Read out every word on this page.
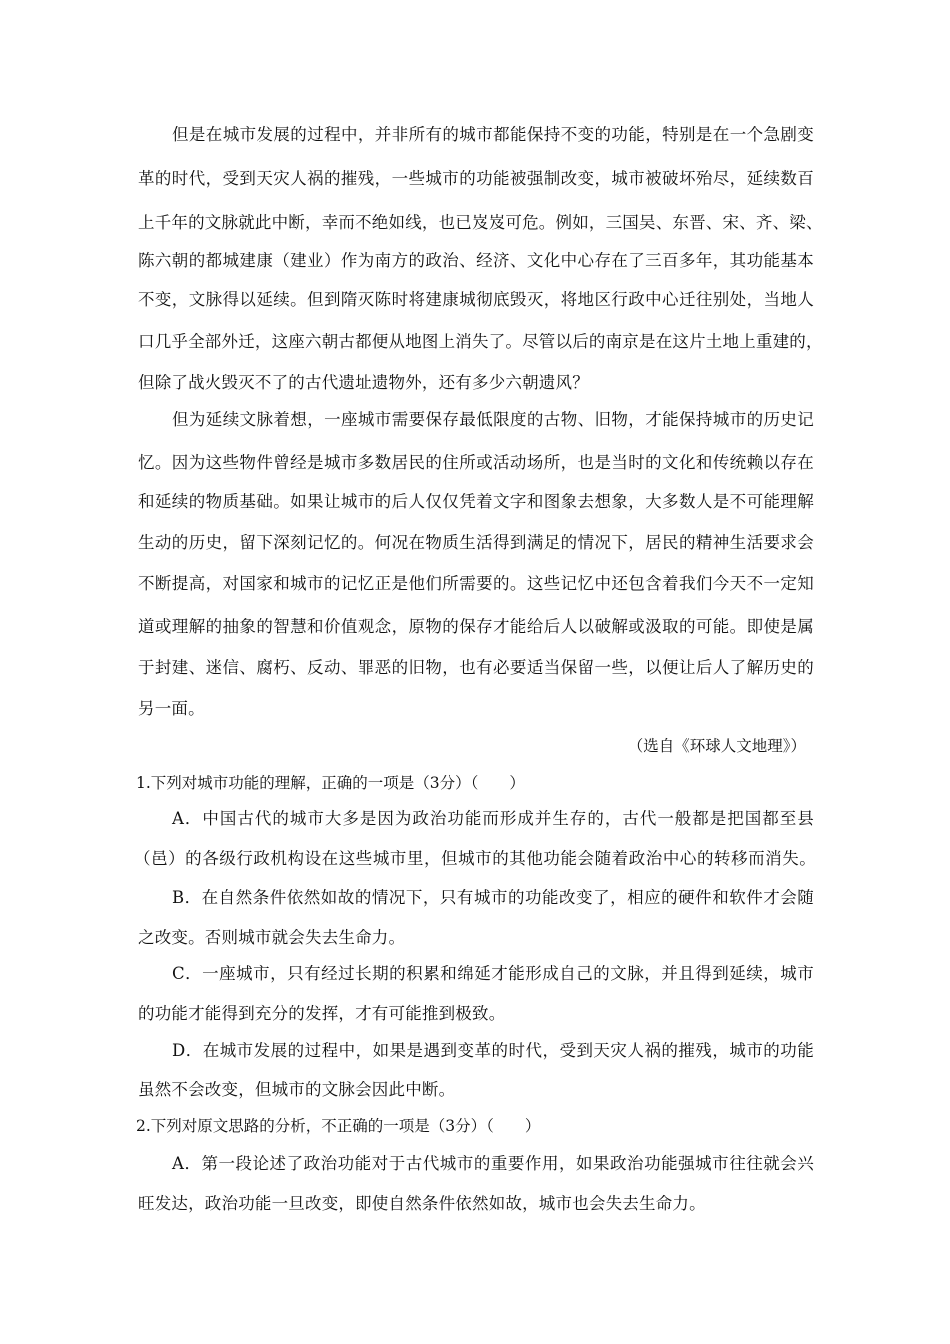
但是在城市发展的过程中，并非所有的城市都能保持不变的功能，特别是在一个急剧变
革的时代，受到天灾人祸的摧残，一些城市的功能被强制改变，城市被破坏殆尽，延续数百
上千年的文脉就此中断，幸而不绝如线，也已岌岌可危。例如，三国吴、东晋、宋、齐、梁、
陈六朝的都城建康（建业）作为南方的政治、经济、文化中心存在了三百多年，其功能基本
不变，文脉得以延续。但到隋灭陈时将建康城彻底毁灭，将地区行政中心迁往别处，当地人
口几乎全部外迁，这座六朝古都便从地图上消失了。尽管以后的南京是在这片土地上重建的，
但除了战火毁灭不了的古代遗址遗物外，还有多少六朝遗风？
但为延续文脉着想，一座城市需要保存最低限度的古物、旧物，才能保持城市的历史记
忆。因为这些物件曾经是城市多数居民的住所或活动场所，也是当时的文化和传统赖以存在
和延续的物质基础。如果让城市的后人仅仅凭着文字和图象去想象，大多数人是不可能理解
生动的历史，留下深刻记忆的。何况在物质生活得到满足的情况下，居民的精神生活要求会
不断提高，对国家和城市的记忆正是他们所需要的。这些记忆中还包含着我们今天不一定知
道或理解的抽象的智慧和价值观念，原物的保存才能给后人以破解或汲取的可能。即使是属
于封建、迷信、腐朽、反动、罪恶的旧物，也有必要适当保留一些，以便让后人了解历史的
另一面。
（选自《环球人文地理》）
1.下列对城市功能的理解，正确的一项是（3分）（　　）
A．中国古代的城市大多是因为政治功能而形成并生存的，古代一般都是把国都至县
（邑）的各级行政机构设在这些城市里，但城市的其他功能会随着政治中心的转移而消失。
B．在自然条件依然如故的情况下，只有城市的功能改变了，相应的硬件和软件才会随
之改变。否则城市就会失去生命力。
C．一座城市，只有经过长期的积累和绵延才能形成自己的文脉，并且得到延续，城市
的功能才能得到充分的发挥，才有可能推到极致。
D．在城市发展的过程中，如果是遇到变革的时代，受到天灾人祸的摧残，城市的功能
虽然不会改变，但城市的文脉会因此中断。
2.下列对原文思路的分析，不正确的一项是（3分）（　　）
A．第一段论述了政治功能对于古代城市的重要作用，如果政治功能强城市往往就会兴
旺发达，政治功能一旦改变，即使自然条件依然如故，城市也会失去生命力。
